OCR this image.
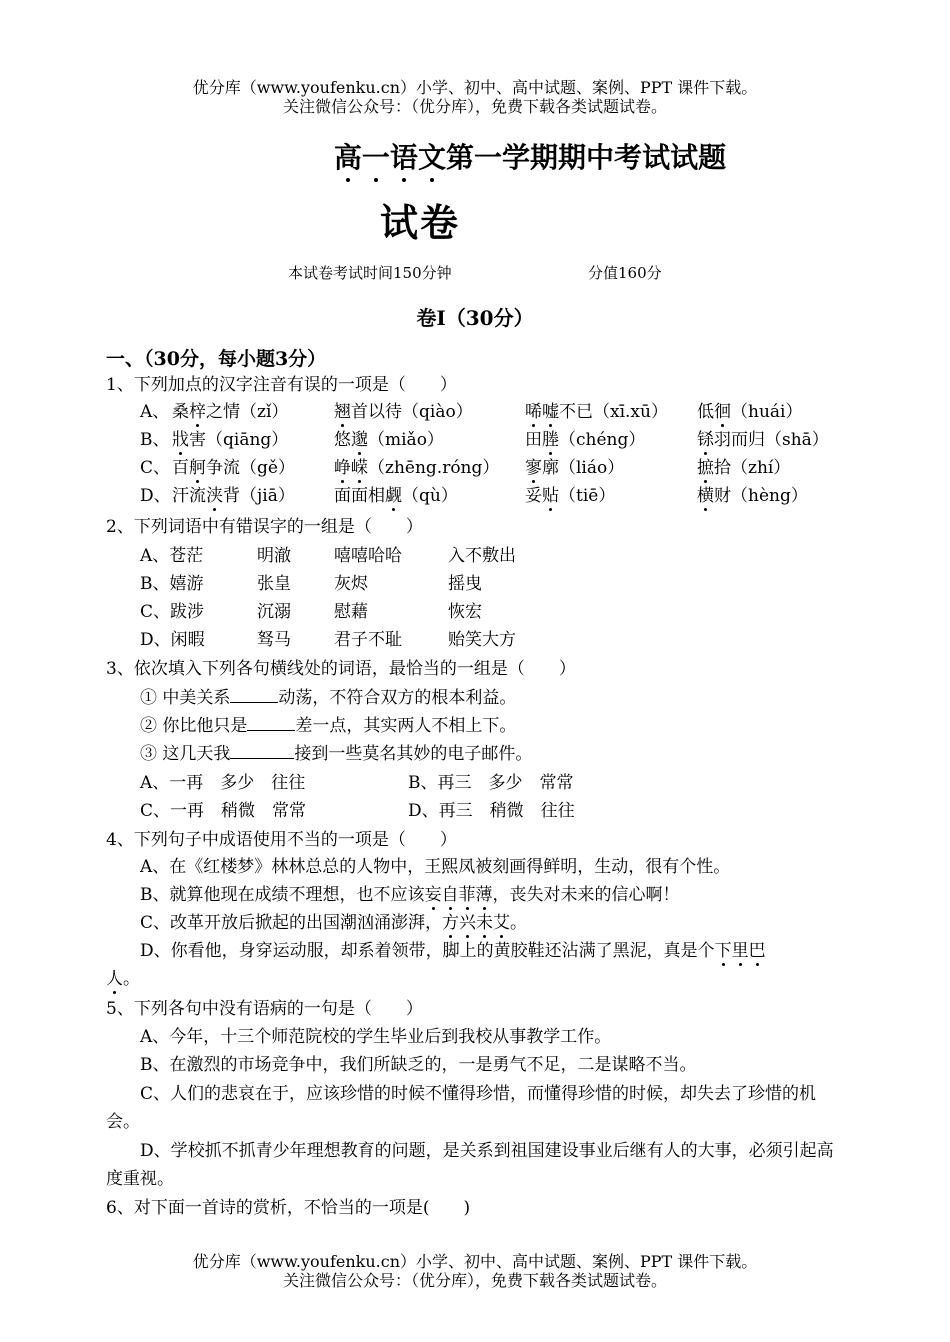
优分库（www.youfenku.cn）小学、初中、高中试题、案例、PPT 课件下载。
关注微信公众号：（优分库），免费下载各类试题试卷。
高一语文第一学期期中考试试题
试卷
本试卷考试时间150分钟	分值160分
卷Ⅰ（30分）
一、（30分，每小题3分）
1、下列加点的汉字注音有误的一项是（　　）
A、 桑梓之情（zǐ）	翘首以待（qiào）	唏嘘不已（xī.xū） 低徊（huái）
B、 戕害（qiāng）	悠邈（miǎo）	田塍（chéng）	铩羽而归（shā）
C、 百舸争流（gě） 峥嵘（zhēng.róng） 寥廓（liáo）	摭拾（zhí）
D、 汗流浃背（jiā） 面面相觑（qù）	妥贴（tiē）	横财（hèng）
2、下列词语中有错误字的一组是（　　）
A、苍茫	明澈	嘻嘻哈哈	入不敷出
B、嬉游	张皇	灰烬	摇曳
C、跋涉	沉溺	慰藉	恢宏
D、闲暇	驽马	君子不耻	贻笑大方
3、依次填入下列各句横线处的词语，最恰当的一组是（　　）
① 中美关系	动荡，不符合双方的根本利益。
② 你比他只是	差一点，其实两人不相上下。
③ 这几天我	接到一些莫名其妙的电子邮件。
A、一再　多少　往往	B、再三　多少　常常
C、一再　稍微　常常	D、再三　稍微　往往
4、下列句子中成语使用不当的一项是（　　）
A、在《红楼梦》林林总总的人物中，王熙凤被刻画得鲜明，生动，很有个性。
B、就算他现在成绩不理想，也不应该妄自菲薄，丧失对未来的信心啊！
C、改革开放后掀起的出国潮汹涌澎湃，方兴未艾。
D、你看他，身穿运动服，却系着领带，脚上的黄胶鞋还沾满了黑泥，真是个下里巴
人。
5、下列各句中没有语病的一句是（　　）
A、今年，十三个师范院校的学生毕业后到我校从事教学工作。
B、在激烈的市场竞争中，我们所缺乏的，一是勇气不足，二是谋略不当。
C、人们的悲哀在于，应该珍惜的时候不懂得珍惜，而懂得珍惜的时候，却失去了珍惜的机会。
D、学校抓不抓青少年理想教育的问题，是关系到祖国建设事业后继有人的大事，必须引起高度重视。
6、对下面一首诗的赏析，不恰当的一项是(　　)
优分库（www.youfenku.cn）小学、初中、高中试题、案例、PPT 课件下载。
关注微信公众号：（优分库），免费下载各类试题试卷。
